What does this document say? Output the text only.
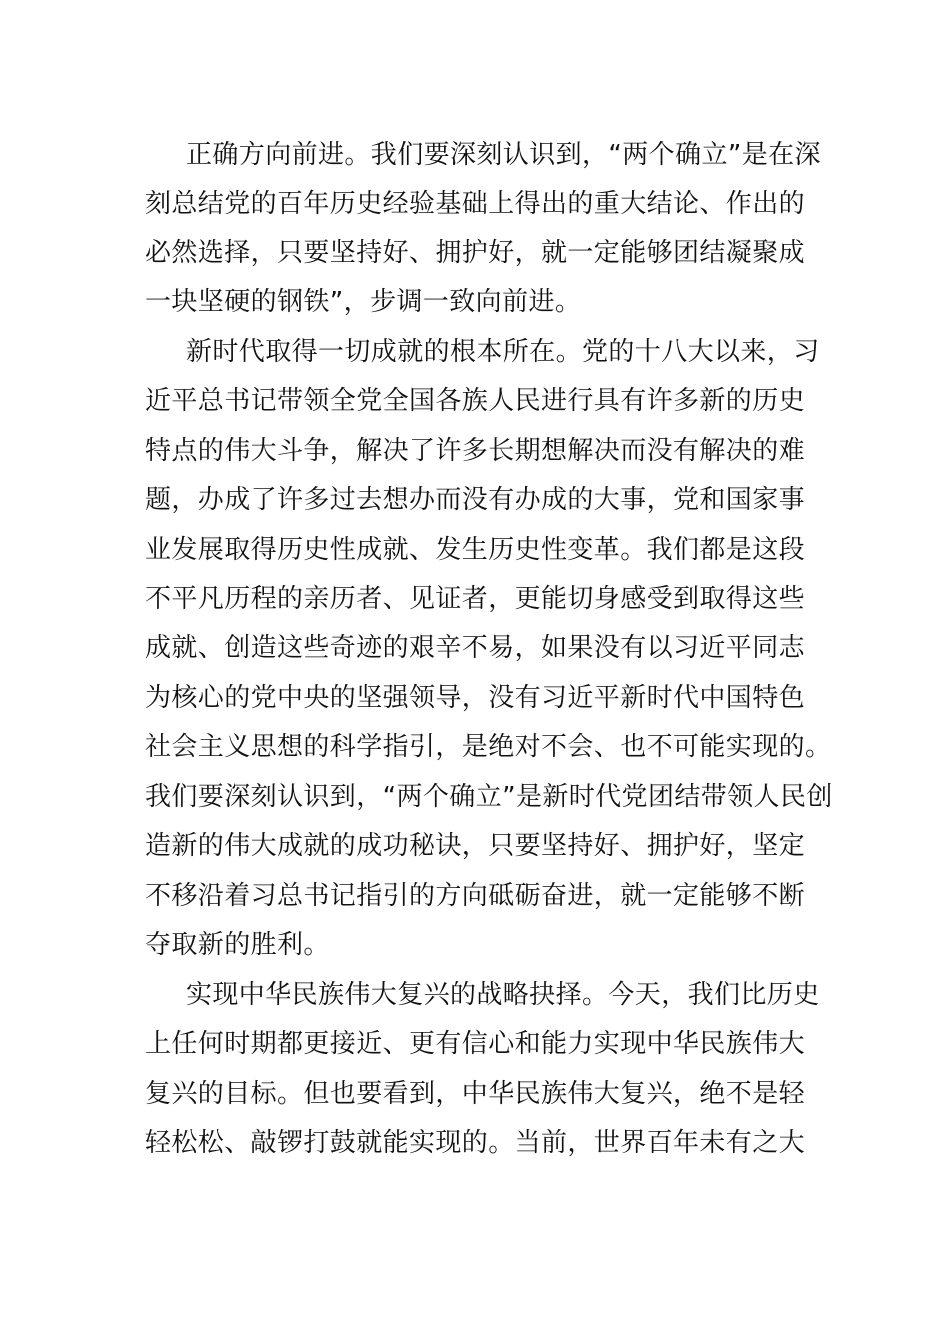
正确方向前进。我们要深刻认识到，“两个确立”是在深
刻总结党的百年历史经验基础上得出的重大结论、作出的
必然选择，只要坚持好、拥护好，就一定能够团结凝聚成
一块坚硬的钢铁”，步调一致向前进。
新时代取得一切成就的根本所在。党的十八大以来，习
近平总书记带领全党全国各族人民进行具有许多新的历史
特点的伟大斗争，解决了许多长期想解决而没有解决的难
题，办成了许多过去想办而没有办成的大事，党和国家事
业发展取得历史性成就、发生历史性变革。我们都是这段
不平凡历程的亲历者、见证者，更能切身感受到取得这些
成就、创造这些奇迹的艰辛不易，如果没有以习近平同志
为核心的党中央的坚强领导，没有习近平新时代中国特色
社会主义思想的科学指引，是绝对不会、也不可能实现的。
我们要深刻认识到，“两个确立”是新时代党团结带领人民创
造新的伟大成就的成功秘诀，只要坚持好、拥护好，坚定
不移沿着习总书记指引的方向砥砺奋进，就一定能够不断
夺取新的胜利。
实现中华民族伟大复兴的战略抉择。今天，我们比历史
上任何时期都更接近、更有信心和能力实现中华民族伟大
复兴的目标。但也要看到，中华民族伟大复兴，绝不是轻
轻松松、敲锣打鼓就能实现的。当前，世界百年未有之大
